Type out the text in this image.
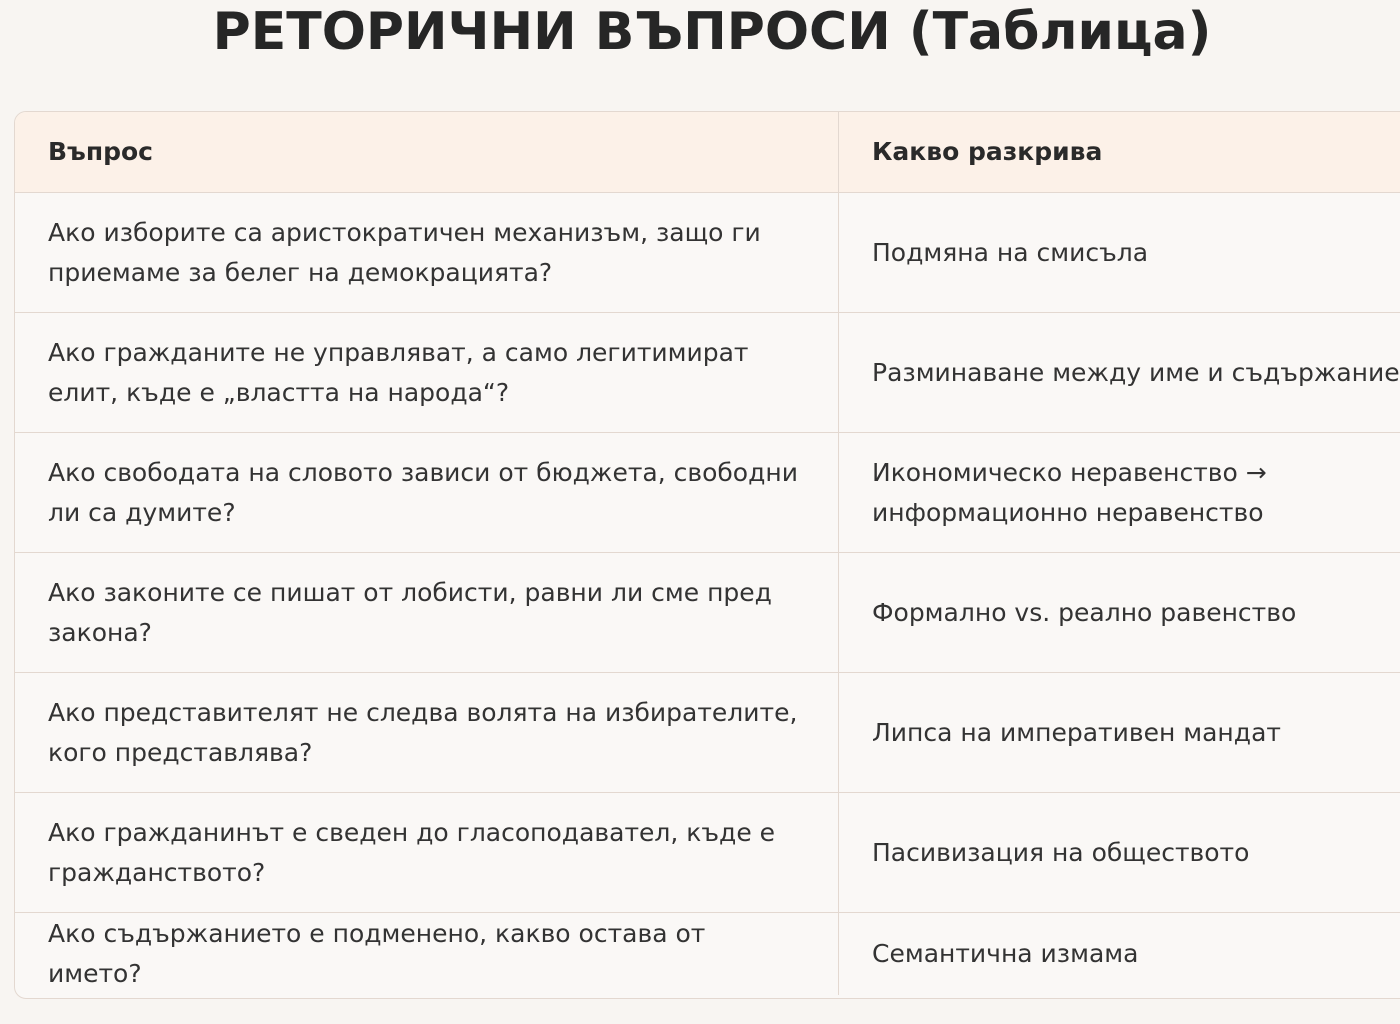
РЕТОРИЧНИ ВЪПРОСИ (Таблица)
Въпрос	Какво разкрива
Ако изборите са аристократичен механизъм, защо ги приемаме за белег на демокрацията?
Подмяна на смисъла
Ако гражданите не управляват, а само легитимират елит, къде е „властта на народа“?
Разминаване между име и съдържание
Ако свободата на словото зависи от бюджета, свободни ли са думите?
Икономическо неравенство → информационно неравенство
Ако законите се пишат от лобисти, равни ли сме пред закона?
Формално vs. реално равенство
Ако представителят не следва волята на избирателите, кого представлява?
Липса на императивен мандат
Ако гражданинът е сведен до гласоподавател, къде е гражданството?
Пасивизация на обществото
Ако съдържанието е подменено, какво остава от името?
Семантична измама
